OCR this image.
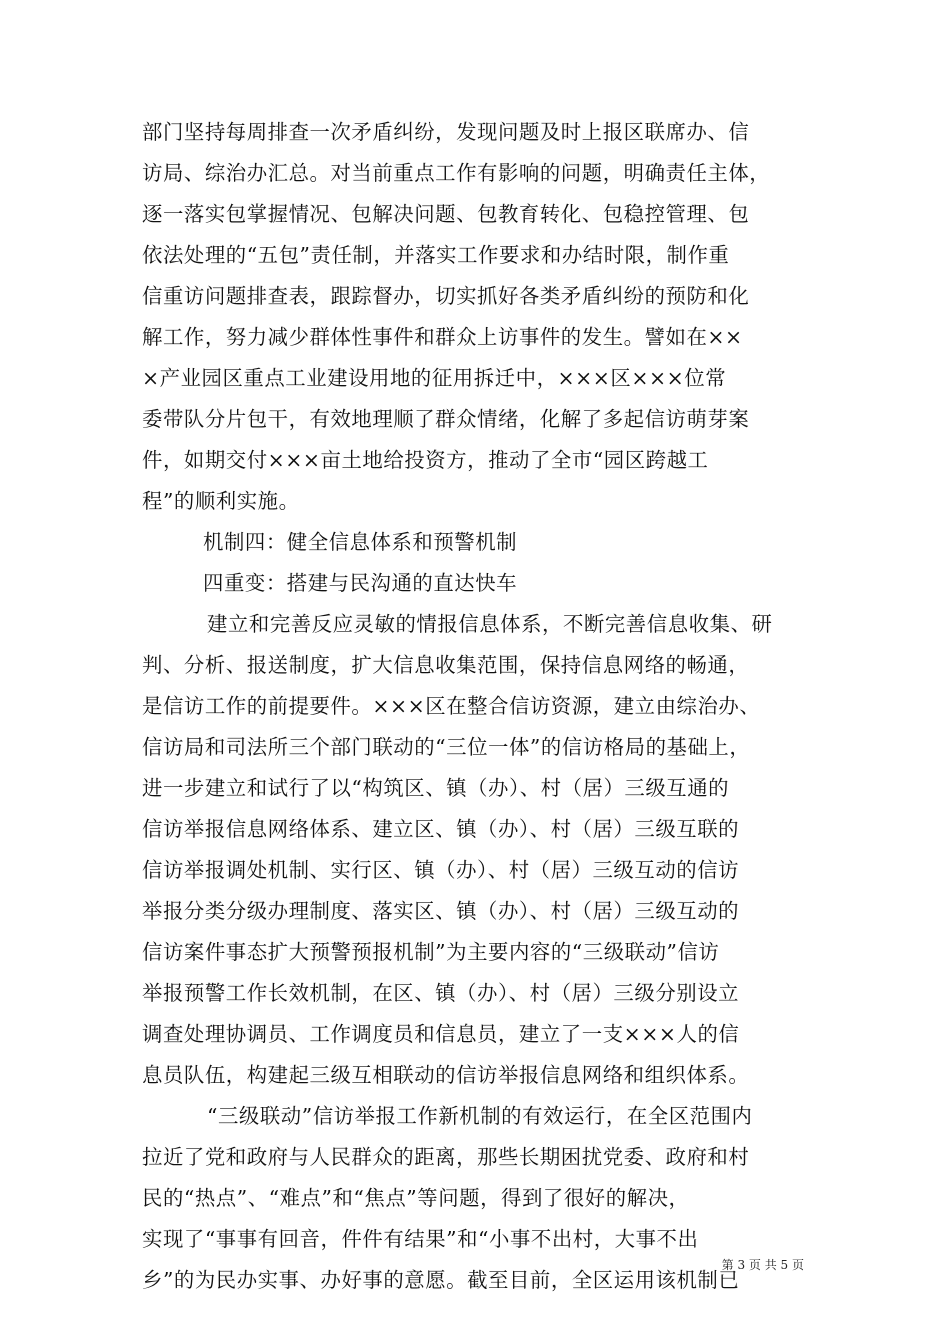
部门坚持每周排查一次矛盾纠纷，发现问题及时上报区联席办、信
访局、综治办汇总。对当前重点工作有影响的问题，明确责任主体，
逐一落实包掌握情况、包解决问题、包教育转化、包稳控管理、包
依法处理的“五包”责任制，并落实工作要求和办结时限，制作重
信重访问题排查表，跟踪督办，切实抓好各类矛盾纠纷的预防和化
解工作，努力减少群体性事件和群众上访事件的发生。譬如在××
×产业园区重点工业建设用地的征用拆迁中，×××区×××位常
委带队分片包干，有效地理顺了群众情绪，化解了多起信访萌芽案
件，如期交付×××亩土地给投资方，推动了全市“园区跨越工
程”的顺利实施。
机制四：健全信息体系和预警机制
四重变：搭建与民沟通的直达快车
建立和完善反应灵敏的情报信息体系，不断完善信息收集、研
判、分析、报送制度，扩大信息收集范围，保持信息网络的畅通，
是信访工作的前提要件。×××区在整合信访资源，建立由综治办、
信访局和司法所三个部门联动的“三位一体”的信访格局的基础上，
进一步建立和试行了以“构筑区、镇（办）、村（居）三级互通的
信访举报信息网络体系、建立区、镇（办）、村（居）三级互联的
信访举报调处机制、实行区、镇（办）、村（居）三级互动的信访
举报分类分级办理制度、落实区、镇（办）、村（居）三级互动的
信访案件事态扩大预警预报机制”为主要内容的“三级联动”信访
举报预警工作长效机制，在区、镇（办）、村（居）三级分别设立
调查处理协调员、工作调度员和信息员，建立了一支×××人的信
息员队伍，构建起三级互相联动的信访举报信息网络和组织体系。
“三级联动”信访举报工作新机制的有效运行，在全区范围内
拉近了党和政府与人民群众的距离，那些长期困扰党委、政府和村
民的“热点”、“难点”和“焦点”等问题，得到了很好的解决，
实现了“事事有回音，件件有结果”和“小事不出村，大事不出
乡”的为民办实事、办好事的意愿。截至目前，全区运用该机制已
第 3 页 共 5 页
